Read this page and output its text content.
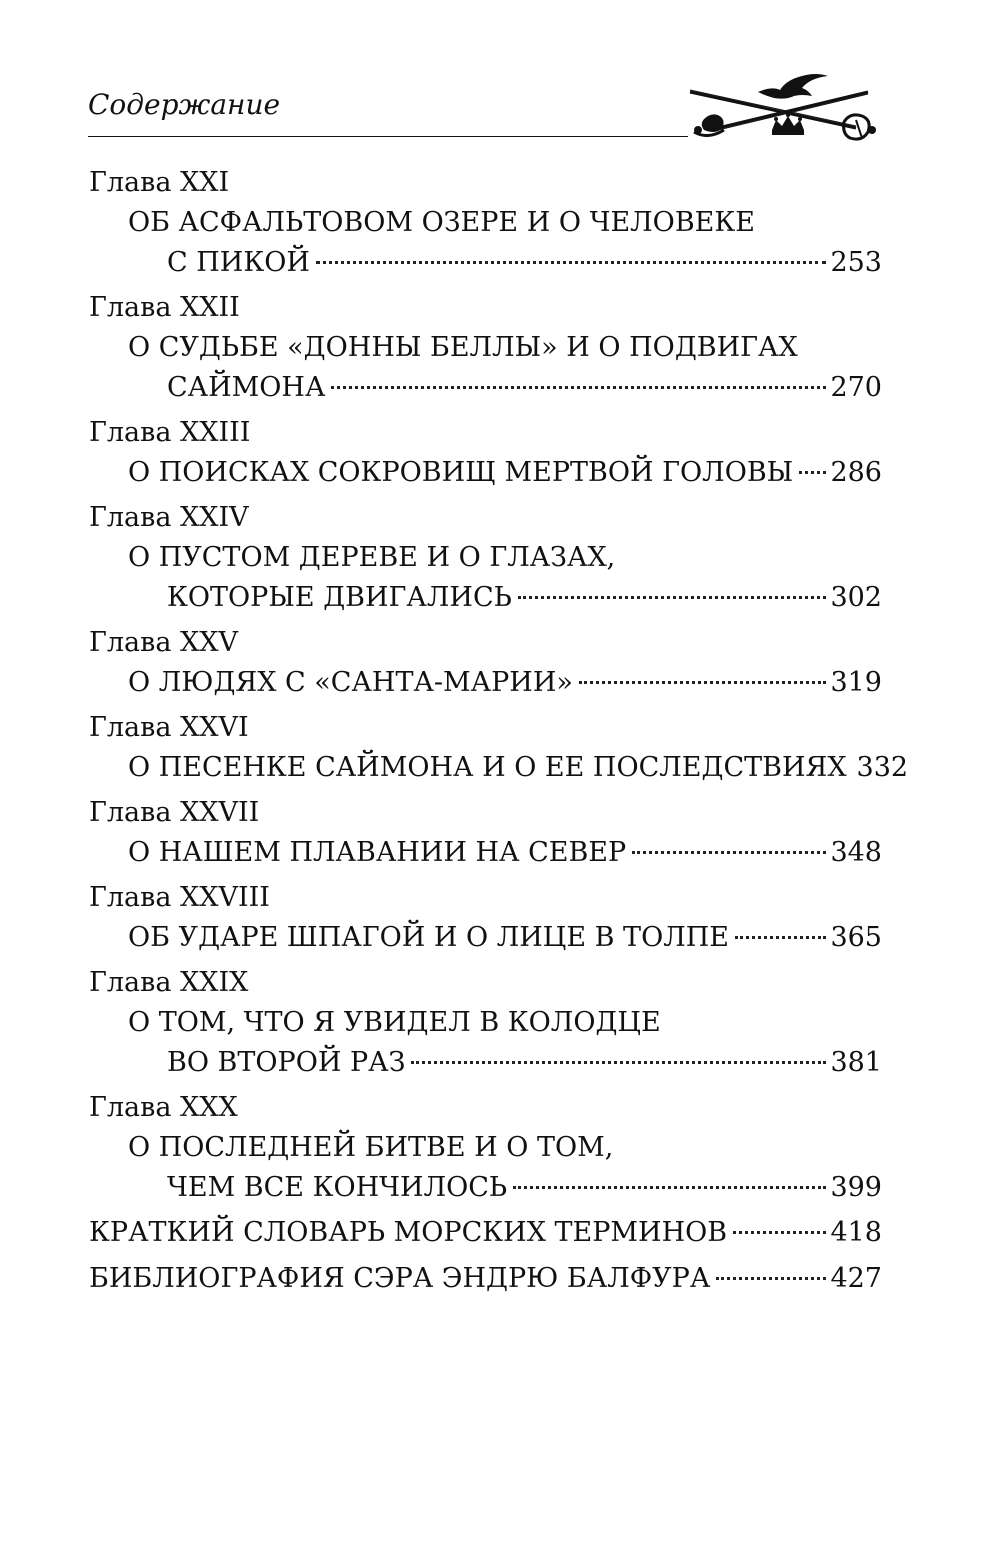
Содержание
Глава XXI
ОБ АСФАЛЬТОВОМ ОЗЕРЕ И О ЧЕЛОВЕКЕ
С ПИКОЙ	253
Глава XXII
О СУДЬБЕ «ДОННЫ БЕЛЛЫ» И О ПОДВИГАХ
САЙМОНА	270
Глава XXIII
О ПОИСКАХ СОКРОВИЩ МЕРТВОЙ ГОЛОВЫ 286
Глава XXIV
О ПУСТОМ ДЕРЕВЕ И О ГЛАЗАХ,
КОТОРЫЕ ДВИГАЛИСЬ	302
Глава XXV
О ЛЮДЯХ С «САНТА-МАРИИ»	319
Глава XXVI
О ПЕСЕНКЕ САЙМОНА И О ЕЕ ПОСЛЕДСТВИЯХ 332
Глава XXVII
О НАШЕМ ПЛАВАНИИ НА СЕВЕР	348
Глава XXVIII
ОБ УДАРЕ ШПАГОЙ И О ЛИЦЕ В ТОЛПЕ	365
Глава XXIX
О ТОМ, ЧТО Я УВИДЕЛ В КОЛОДЦЕ
ВО ВТОРОЙ РАЗ	381
Глава XXX
О ПОСЛЕДНЕЙ БИТВЕ И О ТОМ,
ЧЕМ ВСЕ КОНЧИЛОСЬ	399
КРАТКИЙ СЛОВАРЬ МОРСКИХ ТЕРМИНОВ	418
БИБЛИОГРАФИЯ СЭРА ЭНДРЮ БАЛФУРА	427
